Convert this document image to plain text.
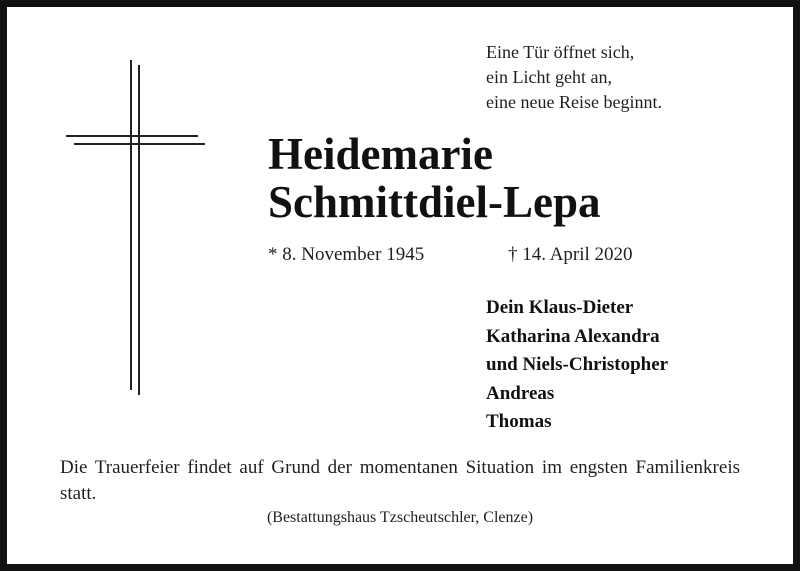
Eine Tür öffnet sich,
ein Licht geht an,
eine neue Reise beginnt.
Heidemarie
Schmittdiel-Lepa
* 8. November 1945	† 14. April 2020
Dein Klaus-Dieter
Katharina Alexandra
und Niels-Christopher
Andreas
Thomas
Die Trauerfeier findet auf Grund der momentanen Situation im engsten Familienkreis statt.
(Bestattungshaus Tzscheutschler, Clenze)
